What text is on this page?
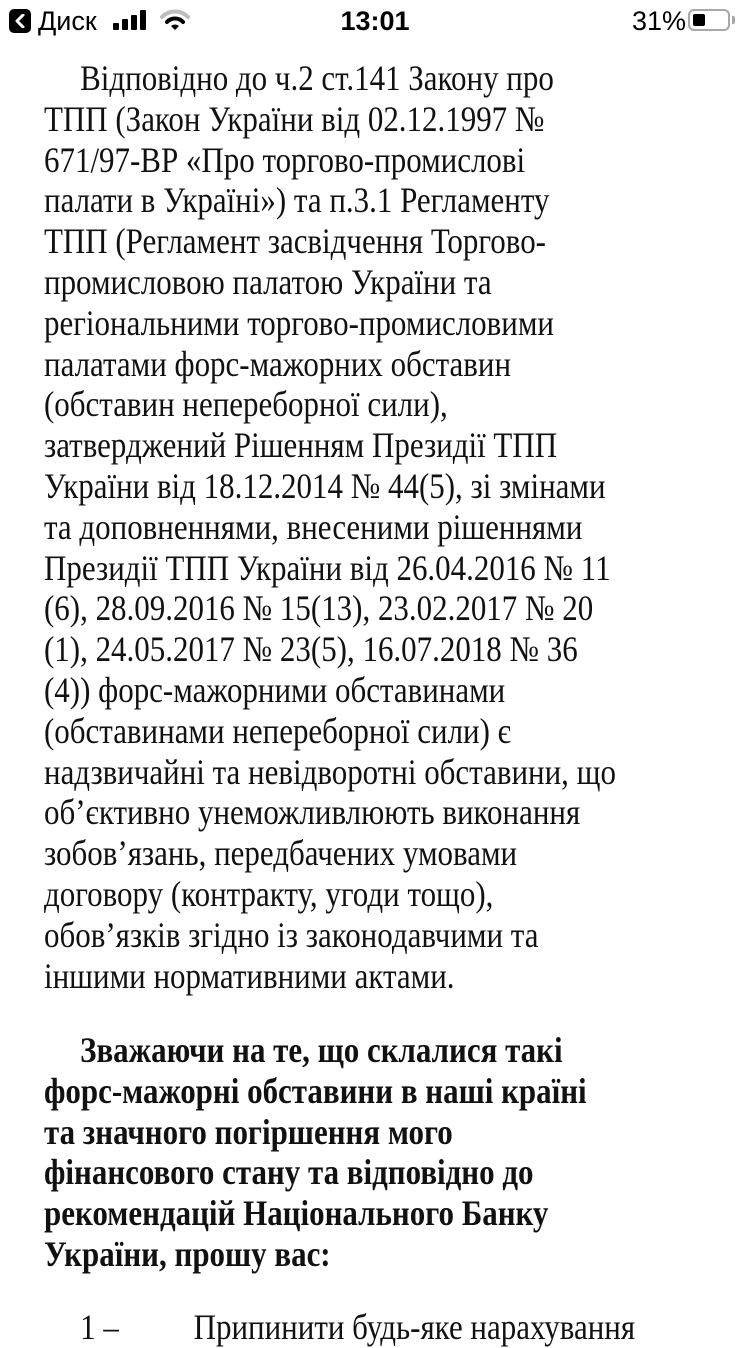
Диск	13:01	31%

Відповідно до ч.2 ст.141 Закону про
ТПП (Закон України від 02.12.1997 №
671/97-ВР «Про торгово-промислові
палати в Україні») та п.3.1 Регламенту
ТПП (Регламент засвідчення Торгово-
промисловою палатою України та
регіональними торгово-промисловими
палатами форс-мажорних обставин
(обставин непереборної сили),
затверджений Рішенням Президії ТПП
України від 18.12.2014 № 44(5), зі змінами
та доповненнями, внесеними рішеннями
Президії ТПП України від 26.04.2016 № 11
(6), 28.09.2016 № 15(13), 23.02.2017 № 20
(1), 24.05.2017 № 23(5), 16.07.2018 № 36
(4)) форс-мажорними обставинами
(обставинами непереборної сили) є
надзвичайні та невідворотні обставини, що
об’єктивно унеможливлюють виконання
зобов’язань, передбачених умовами
договору (контракту, угоди тощо),
обов’язків згідно із законодавчими та
іншими нормативними актами.

Зважаючи на те, що склалися такі
форс-мажорні обставини в наші країні
та значного погіршення мого
фінансового стану та відповідно до
рекомендацій Національного Банку
України, прошу вас:

1 – Припинити будь-яке нарахування
